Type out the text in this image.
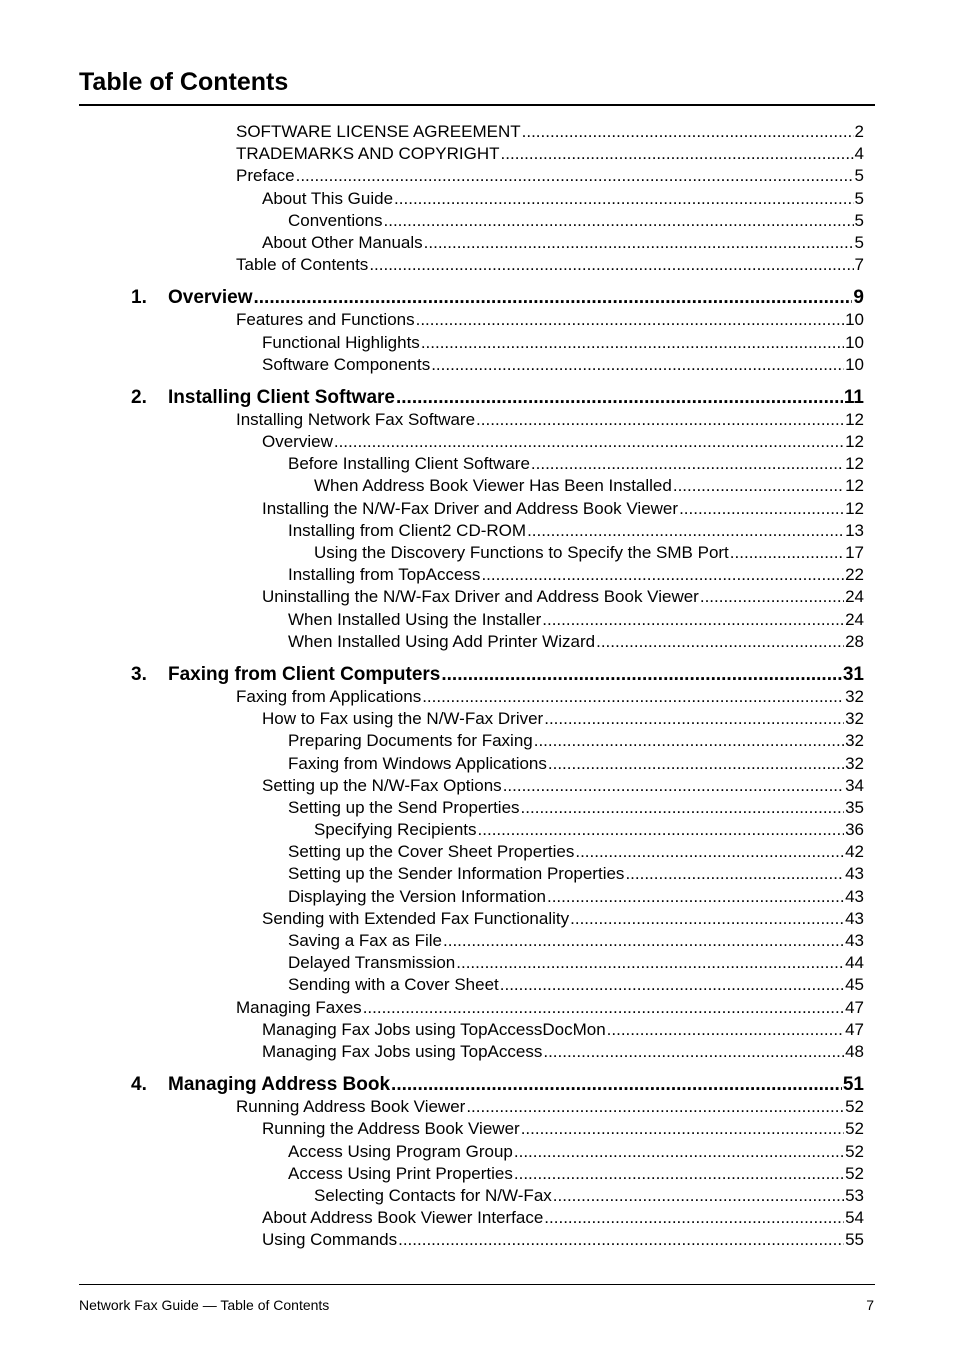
Table of Contents
SOFTWARE LICENSE AGREEMENT .....	2
TRADEMARKS AND COPYRIGHT .....	4
Preface .....	5
About This Guide .....	5
Conventions .....	5
About Other Manuals .....	5
Table of Contents .....	7
1. Overview .....	9
Features and Functions .....	10
Functional Highlights .....	10
Software Components .....	10
2. Installing Client Software .....	11
Installing Network Fax Software .....	12
Overview .....	12
Before Installing Client Software .....	12
When Address Book Viewer Has Been Installed .....	12
Installing the N/W-Fax Driver and Address Book Viewer .....	12
Installing from Client2 CD-ROM .....	13
Using the Discovery Functions to Specify the SMB Port .....	17
Installing from TopAccess .....	22
Uninstalling the N/W-Fax Driver and Address Book Viewer .....	24
When Installed Using the Installer .....	24
When Installed Using Add Printer Wizard .....	28
3. Faxing from Client Computers .....	31
Faxing from Applications .....	32
How to Fax using the N/W-Fax Driver .....	32
Preparing Documents for Faxing .....	32
Faxing from Windows Applications .....	32
Setting up the N/W-Fax Options .....	34
Setting up the Send Properties .....	35
Specifying Recipients .....	36
Setting up the Cover Sheet Properties .....	42
Setting up the Sender Information Properties .....	43
Displaying the Version Information .....	43
Sending with Extended Fax Functionality .....	43
Saving a Fax as File .....	43
Delayed Transmission .....	44
Sending with a Cover Sheet .....	45
Managing Faxes .....	47
Managing Fax Jobs using TopAccessDocMon .....	47
Managing Fax Jobs using TopAccess .....	48
4. Managing Address Book .....	51
Running Address Book Viewer .....	52
Running the Address Book Viewer .....	52
Access Using Program Group .....	52
Access Using Print Properties .....	52
Selecting Contacts for N/W-Fax .....	53
About Address Book Viewer Interface .....	54
Using Commands .....	55
Network Fax Guide — Table of Contents	7
